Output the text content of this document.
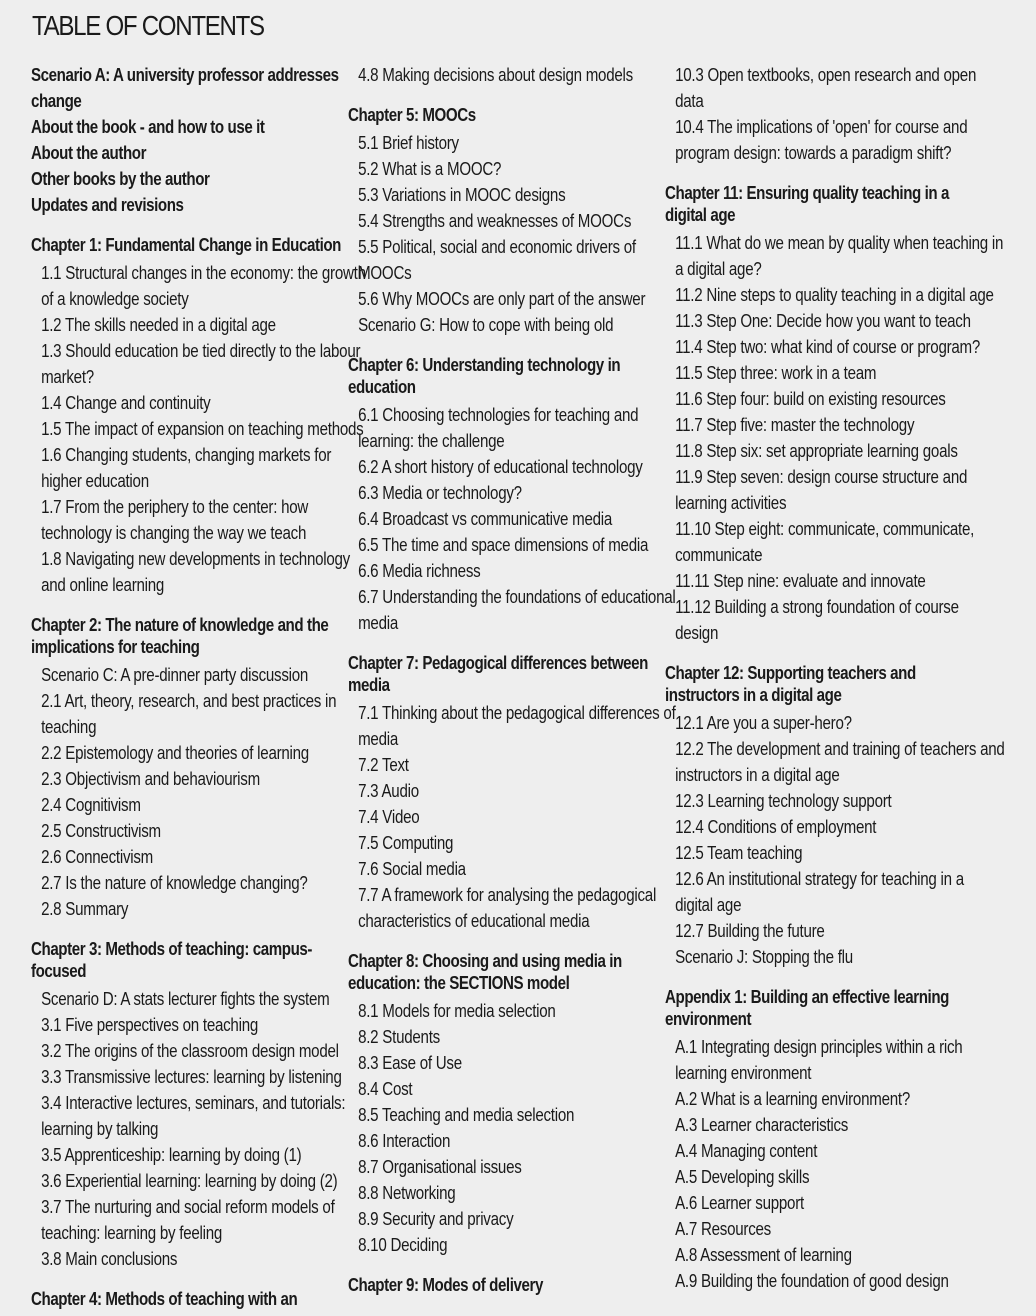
TABLE OF CONTENTS
Scenario A: A university professor addresses
change
About the book - and how to use it
About the author
Other books by the author
Updates and revisions
Chapter 1: Fundamental Change in Education
1.1 Structural changes in the economy: the growth
of a knowledge society
1.2 The skills needed in a digital age
1.3 Should education be tied directly to the labour
market?
1.4 Change and continuity
1.5 The impact of expansion on teaching methods
1.6 Changing students, changing markets for
higher education
1.7 From the periphery to the center: how
technology is changing the way we teach
1.8 Navigating new developments in technology
and online learning
Chapter 2: The nature of knowledge and the
implications for teaching
Scenario C: A pre-dinner party discussion
2.1 Art, theory, research, and best practices in
teaching
2.2 Epistemology and theories of learning
2.3 Objectivism and behaviourism
2.4 Cognitivism
2.5 Constructivism
2.6 Connectivism
2.7 Is the nature of knowledge changing?
2.8 Summary
Chapter 3: Methods of teaching: campus-
focused
Scenario D: A stats lecturer fights the system
3.1 Five perspectives on teaching
3.2 The origins of the classroom design model
3.3 Transmissive lectures: learning by listening
3.4 Interactive lectures, seminars, and tutorials:
learning by talking
3.5 Apprenticeship: learning by doing (1)
3.6 Experiential learning: learning by doing (2)
3.7 The nurturing and social reform models of
teaching: learning by feeling
3.8 Main conclusions
Chapter 4: Methods of teaching with an
4.8 Making decisions about design models
Chapter 5: MOOCs
5.1 Brief history
5.2 What is a MOOC?
5.3 Variations in MOOC designs
5.4 Strengths and weaknesses of MOOCs
5.5 Political, social and economic drivers of
MOOCs
5.6 Why MOOCs are only part of the answer
Scenario G: How to cope with being old
Chapter 6: Understanding technology in
education
6.1 Choosing technologies for teaching and
learning: the challenge
6.2 A short history of educational technology
6.3 Media or technology?
6.4 Broadcast vs communicative media
6.5 The time and space dimensions of media
6.6 Media richness
6.7 Understanding the foundations of educational
media
Chapter 7: Pedagogical differences between
media
7.1 Thinking about the pedagogical differences of
media
7.2 Text
7.3 Audio
7.4 Video
7.5 Computing
7.6 Social media
7.7 A framework for analysing the pedagogical
characteristics of educational media
Chapter 8: Choosing and using media in
education: the SECTIONS model
8.1 Models for media selection
8.2 Students
8.3 Ease of Use
8.4 Cost
8.5 Teaching and media selection
8.6 Interaction
8.7 Organisational issues
8.8 Networking
8.9 Security and privacy
8.10 Deciding
Chapter 9: Modes of delivery
10.3 Open textbooks, open research and open
data
10.4 The implications of 'open' for course and
program design: towards a paradigm shift?
Chapter 11: Ensuring quality teaching in a
digital age
11.1 What do we mean by quality when teaching in
a digital age?
11.2 Nine steps to quality teaching in a digital age
11.3 Step One: Decide how you want to teach
11.4 Step two: what kind of course or program?
11.5 Step three: work in a team
11.6 Step four: build on existing resources
11.7 Step five: master the technology
11.8 Step six: set appropriate learning goals
11.9 Step seven: design course structure and
learning activities
11.10 Step eight: communicate, communicate,
communicate
11.11 Step nine: evaluate and innovate
11.12 Building a strong foundation of course
design
Chapter 12: Supporting teachers and
instructors in a digital age
12.1 Are you a super-hero?
12.2 The development and training of teachers and
instructors in a digital age
12.3 Learning technology support
12.4 Conditions of employment
12.5 Team teaching
12.6 An institutional strategy for teaching in a
digital age
12.7 Building the future
Scenario J: Stopping the flu
Appendix 1: Building an effective learning
environment
A.1 Integrating design principles within a rich
learning environment
A.2 What is a learning environment?
A.3 Learner characteristics
A.4 Managing content
A.5 Developing skills
A.6 Learner support
A.7 Resources
A.8 Assessment of learning
A.9 Building the foundation of good design
